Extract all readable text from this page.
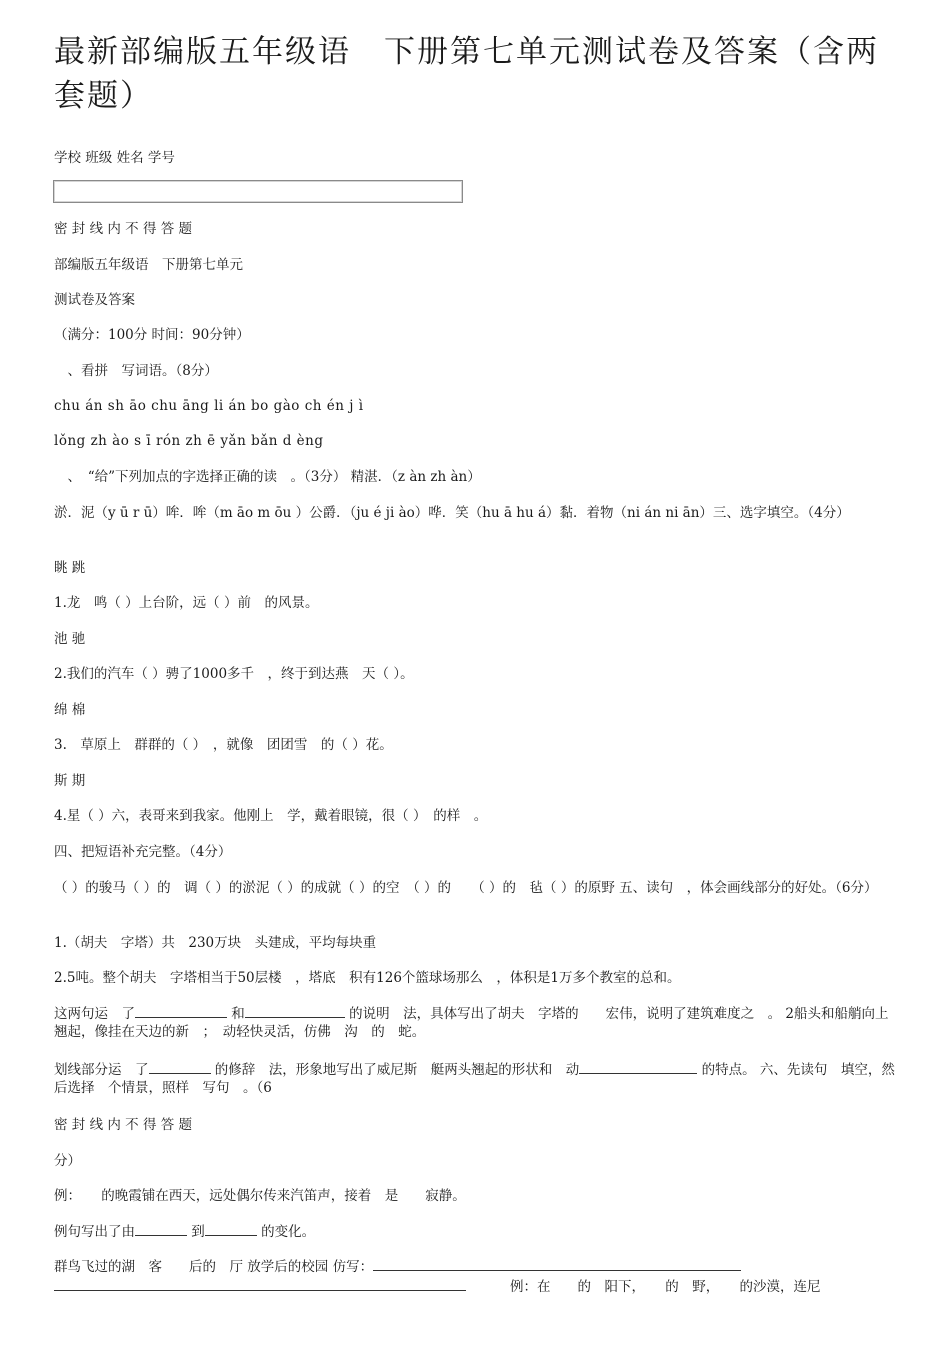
最新部编版五年级语　下册第七单元测试卷及答案（含两套题）
学校 班级 姓名 学号
密 封 线 内 不 得 答 题
部编版五年级语　下册第七单元
测试卷及答案
（满分：100分 时间：90分钟）
　、看拼　写词语。（8分）
chu án sh āo chu āng li án bo gào ch én j ì
lǒng zh ào s ī rón zh ē yǎn bǎn d èng
　、　“给”下列加点的字选择正确的读　。（3分） 精湛．（z àn zh àn）
淤．泥（y ū r ū）哞．哞（m āo m ōu ）公爵．（ju é ji ào）哗．笑（hu ā hu á）黏．着物（ni án ni ān）三、选字填空。（4分）
眺 跳
1.龙　鸣（ ）上台阶，远（ ）前　的风景。
池 驰
2.我们的汽车（ ）骋了1000多千　，终于到达燕　天（ ）。
绵 棉
3.　草原上　群群的（ ）　，就像　团团雪　的（ ）花。
斯 期
4.星（ ）六，表哥来到我家。他刚上　学，戴着眼镜，很（ ）　的样　。
四、把短语补充完整。（4分）
（ ）的骏马（ ）的　调（ ）的淤泥（ ）的成就（ ）的空　（ ）的　　（ ）的　毡（ ）的原野 五、读句　，体会画线部分的好处。（6分）
1.（胡夫　字塔）共　230万块　头建成，平均每块重
2.5吨。整个胡夫　字塔相当于50层楼　，塔底　积有126个篮球场那么　，体积是1万多个教室的总和。
这两句运　了	和	的说明　法，具体写出了胡夫　字塔的　　宏伟，说明了建筑难度之　。 2船头和船艄向上翘起，像挂在天边的新　；　动轻快灵活，仿佛　沟　的　蛇。
划线部分运　了	的修辞　法，形象地写出了威尼斯　艇两头翘起的形状和　动	的特点。 六、先读句　填空，然后选择　个情景，照样　写句　。（6
密 封 线 内 不 得 答 题
分）
例：　　的晚霞铺在西天，远处偶尔传来汽笛声，接着　是　　寂静。
例句写出了由	到	的变化。
群鸟飞过的湖　客　　后的　厅 放学后的校园 仿写：
例：在　　的　阳下，　　的　野，　　的沙漠，连尼
